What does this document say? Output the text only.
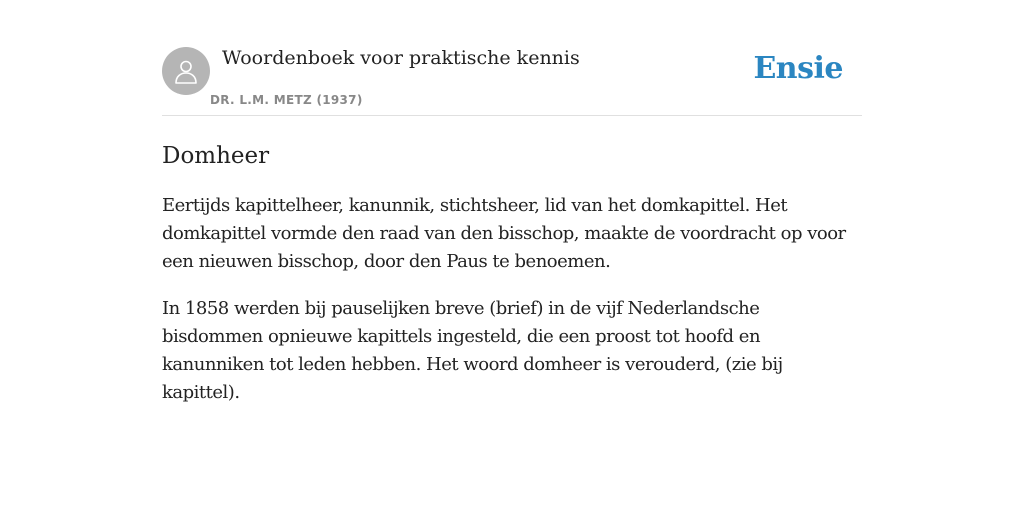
Woordenboek voor praktische kennis
DR. L.M. METZ (1937)
Ensie
Domheer

Eertijds kapittelheer, kanunnik, stichtsheer, lid van het domkapittel. Het domkapittel vormde den raad van den bisschop, maakte de voordracht op voor een nieuwen bisschop, door den Paus te benoemen.

In 1858 werden bij pauselijken breve (brief) in de vijf Nederlandsche bisdommen opnieuwe kapittels ingesteld, die een proost tot hoofd en kanunniken tot leden hebben. Het woord domheer is verouderd, (zie bij kapittel).
